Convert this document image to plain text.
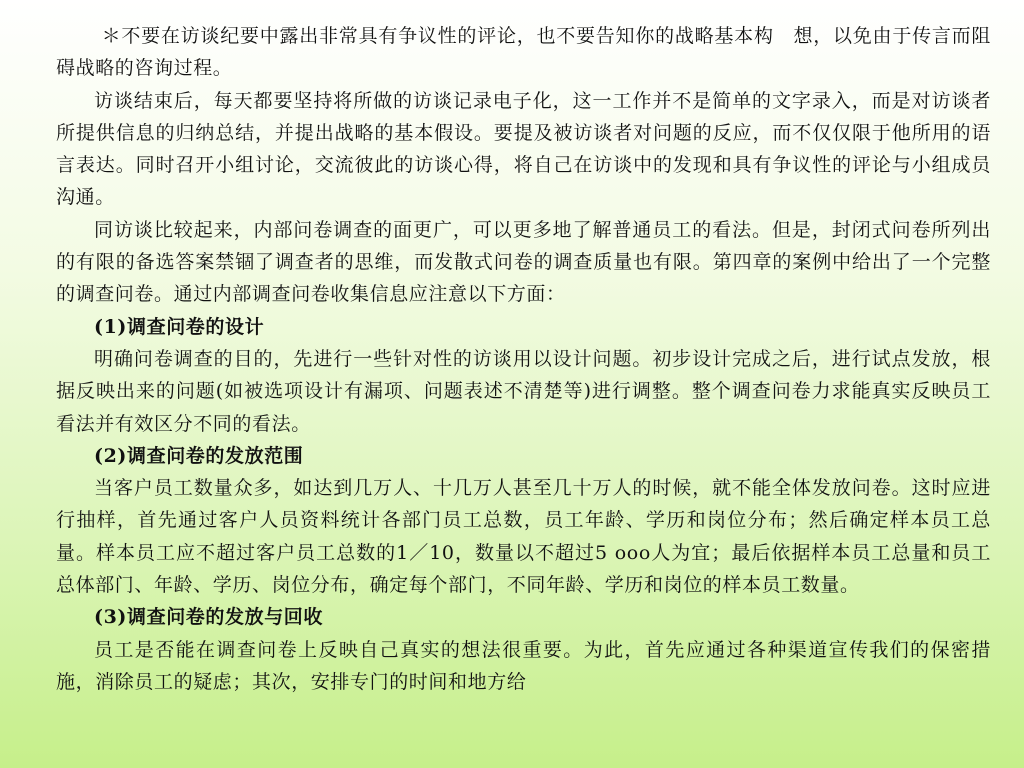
＊不要在访谈纪要中露出非常具有争议性的评论，也不要告知你的战略基本构　想，以免由于传言而阻碍战略的咨询过程。

访谈结束后，每天都要坚持将所做的访谈记录电子化，这一工作并不是简单的文字录入，而是对访谈者所提供信息的归纳总结，并提出战略的基本假设。要提及被访谈者对问题的反应，而不仅仅限于他所用的语言表达。同时召开小组讨论，交流彼此的访谈心得，将自己在访谈中的发现和具有争议性的评论与小组成员沟通。

同访谈比较起来，内部问卷调查的面更广，可以更多地了解普通员工的看法。但是，封闭式问卷所列出的有限的备选答案禁锢了调查者的思维，而发散式问卷的调查质量也有限。第四章的案例中给出了一个完整的调查问卷。通过内部调查问卷收集信息应注意以下方面：

(1)调查问卷的设计

明确问卷调查的目的，先进行一些针对性的访谈用以设计问题。初步设计完成之后，进行试点发放，根据反映出来的问题(如被选项设计有漏项、问题表述不清楚等)进行调整。整个调查问卷力求能真实反映员工看法并有效区分不同的看法。

(2)调查问卷的发放范围

当客户员工数量众多，如达到几万人、十几万人甚至几十万人的时候，就不能全体发放问卷。这时应进行抽样，首先通过客户人员资料统计各部门员工总数，员工年龄、学历和岗位分布；然后确定样本员工总量。样本员工应不超过客户员工总数的1／10，数量以不超过5 ooo人为宜；最后依据样本员工总量和员工总体部门、年龄、学历、岗位分布，确定每个部门，不同年龄、学历和岗位的样本员工数量。

(3)调查问卷的发放与回收

员工是否能在调查问卷上反映自己真实的想法很重要。为此，首先应通过各种渠道宣传我们的保密措施，消除员工的疑虑；其次，安排专门的时间和地方给
